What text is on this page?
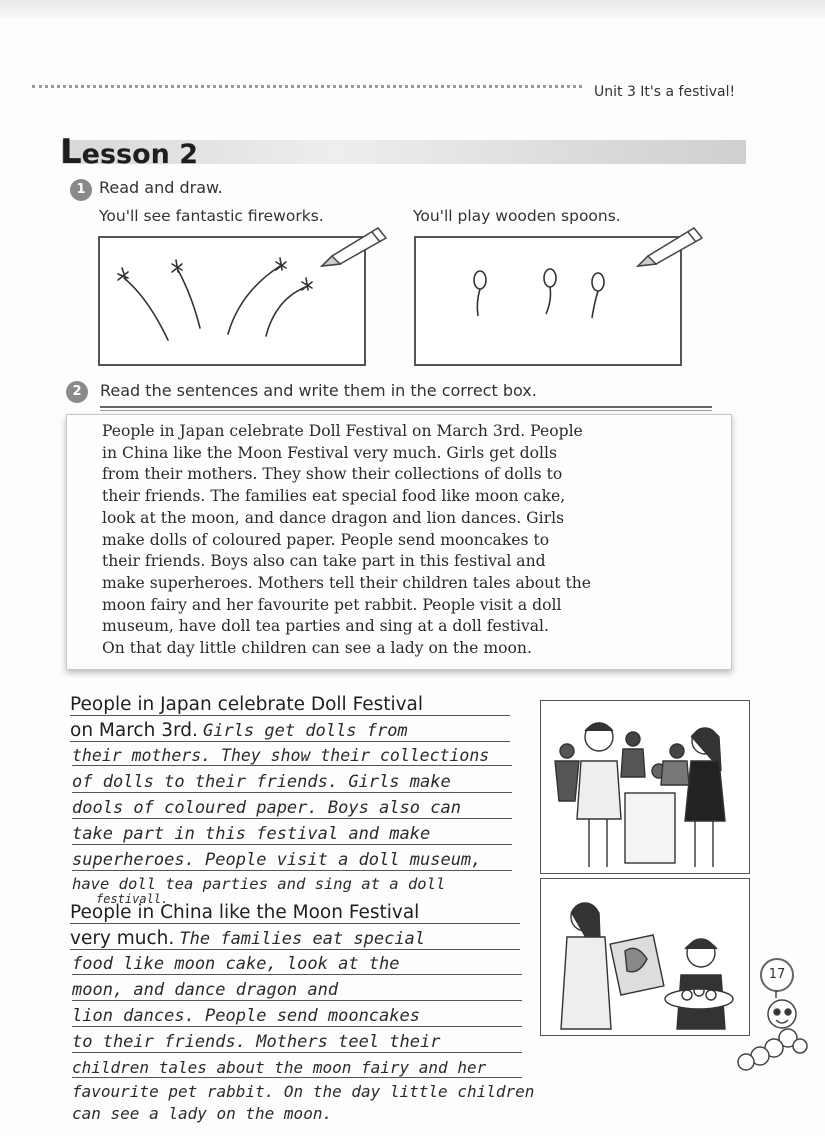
Unit 3 It's a festival!
Lesson 2
1 Read and draw.
You'll see fantastic fireworks.	You'll play wooden spoons.
2	Read the sentences and write them in the correct box.
People in Japan celebrate Doll Festival on March 3rd. People
in China like the Moon Festival very much. Girls get dolls
from their mothers. They show their collections of dolls to
their friends. The families eat special food like moon cake,
look at the moon, and dance dragon and lion dances. Girls
make dolls of coloured paper. People send mooncakes to
their friends. Boys also can take part in this festival and
make superheroes. Mothers tell their children tales about the
moon fairy and her favourite pet rabbit. People visit a doll
museum, have doll tea parties and sing at a doll festival.
On that day little children can see a lady on the moon.
People in Japan celebrate Doll Festival
on March 3rd. Girls get dolls from
their mothers. They show their collections
of dolls to their friends. Girls make
dools of coloured paper. Boys also can
take part in this festival and make
superheroes. People visit a doll museum,
have doll tea parties and sing at a doll
festivall.
People in China like the Moon Festival
very much. The families eat special
food like moon cake, look at the
moon, and dance dragon and
lion dances. People send mooncakes
to their friends. Mothers teel their
children tales about the moon fairy and her
favourite pet rabbit. On the day little children
can see a lady on the moon.
17
